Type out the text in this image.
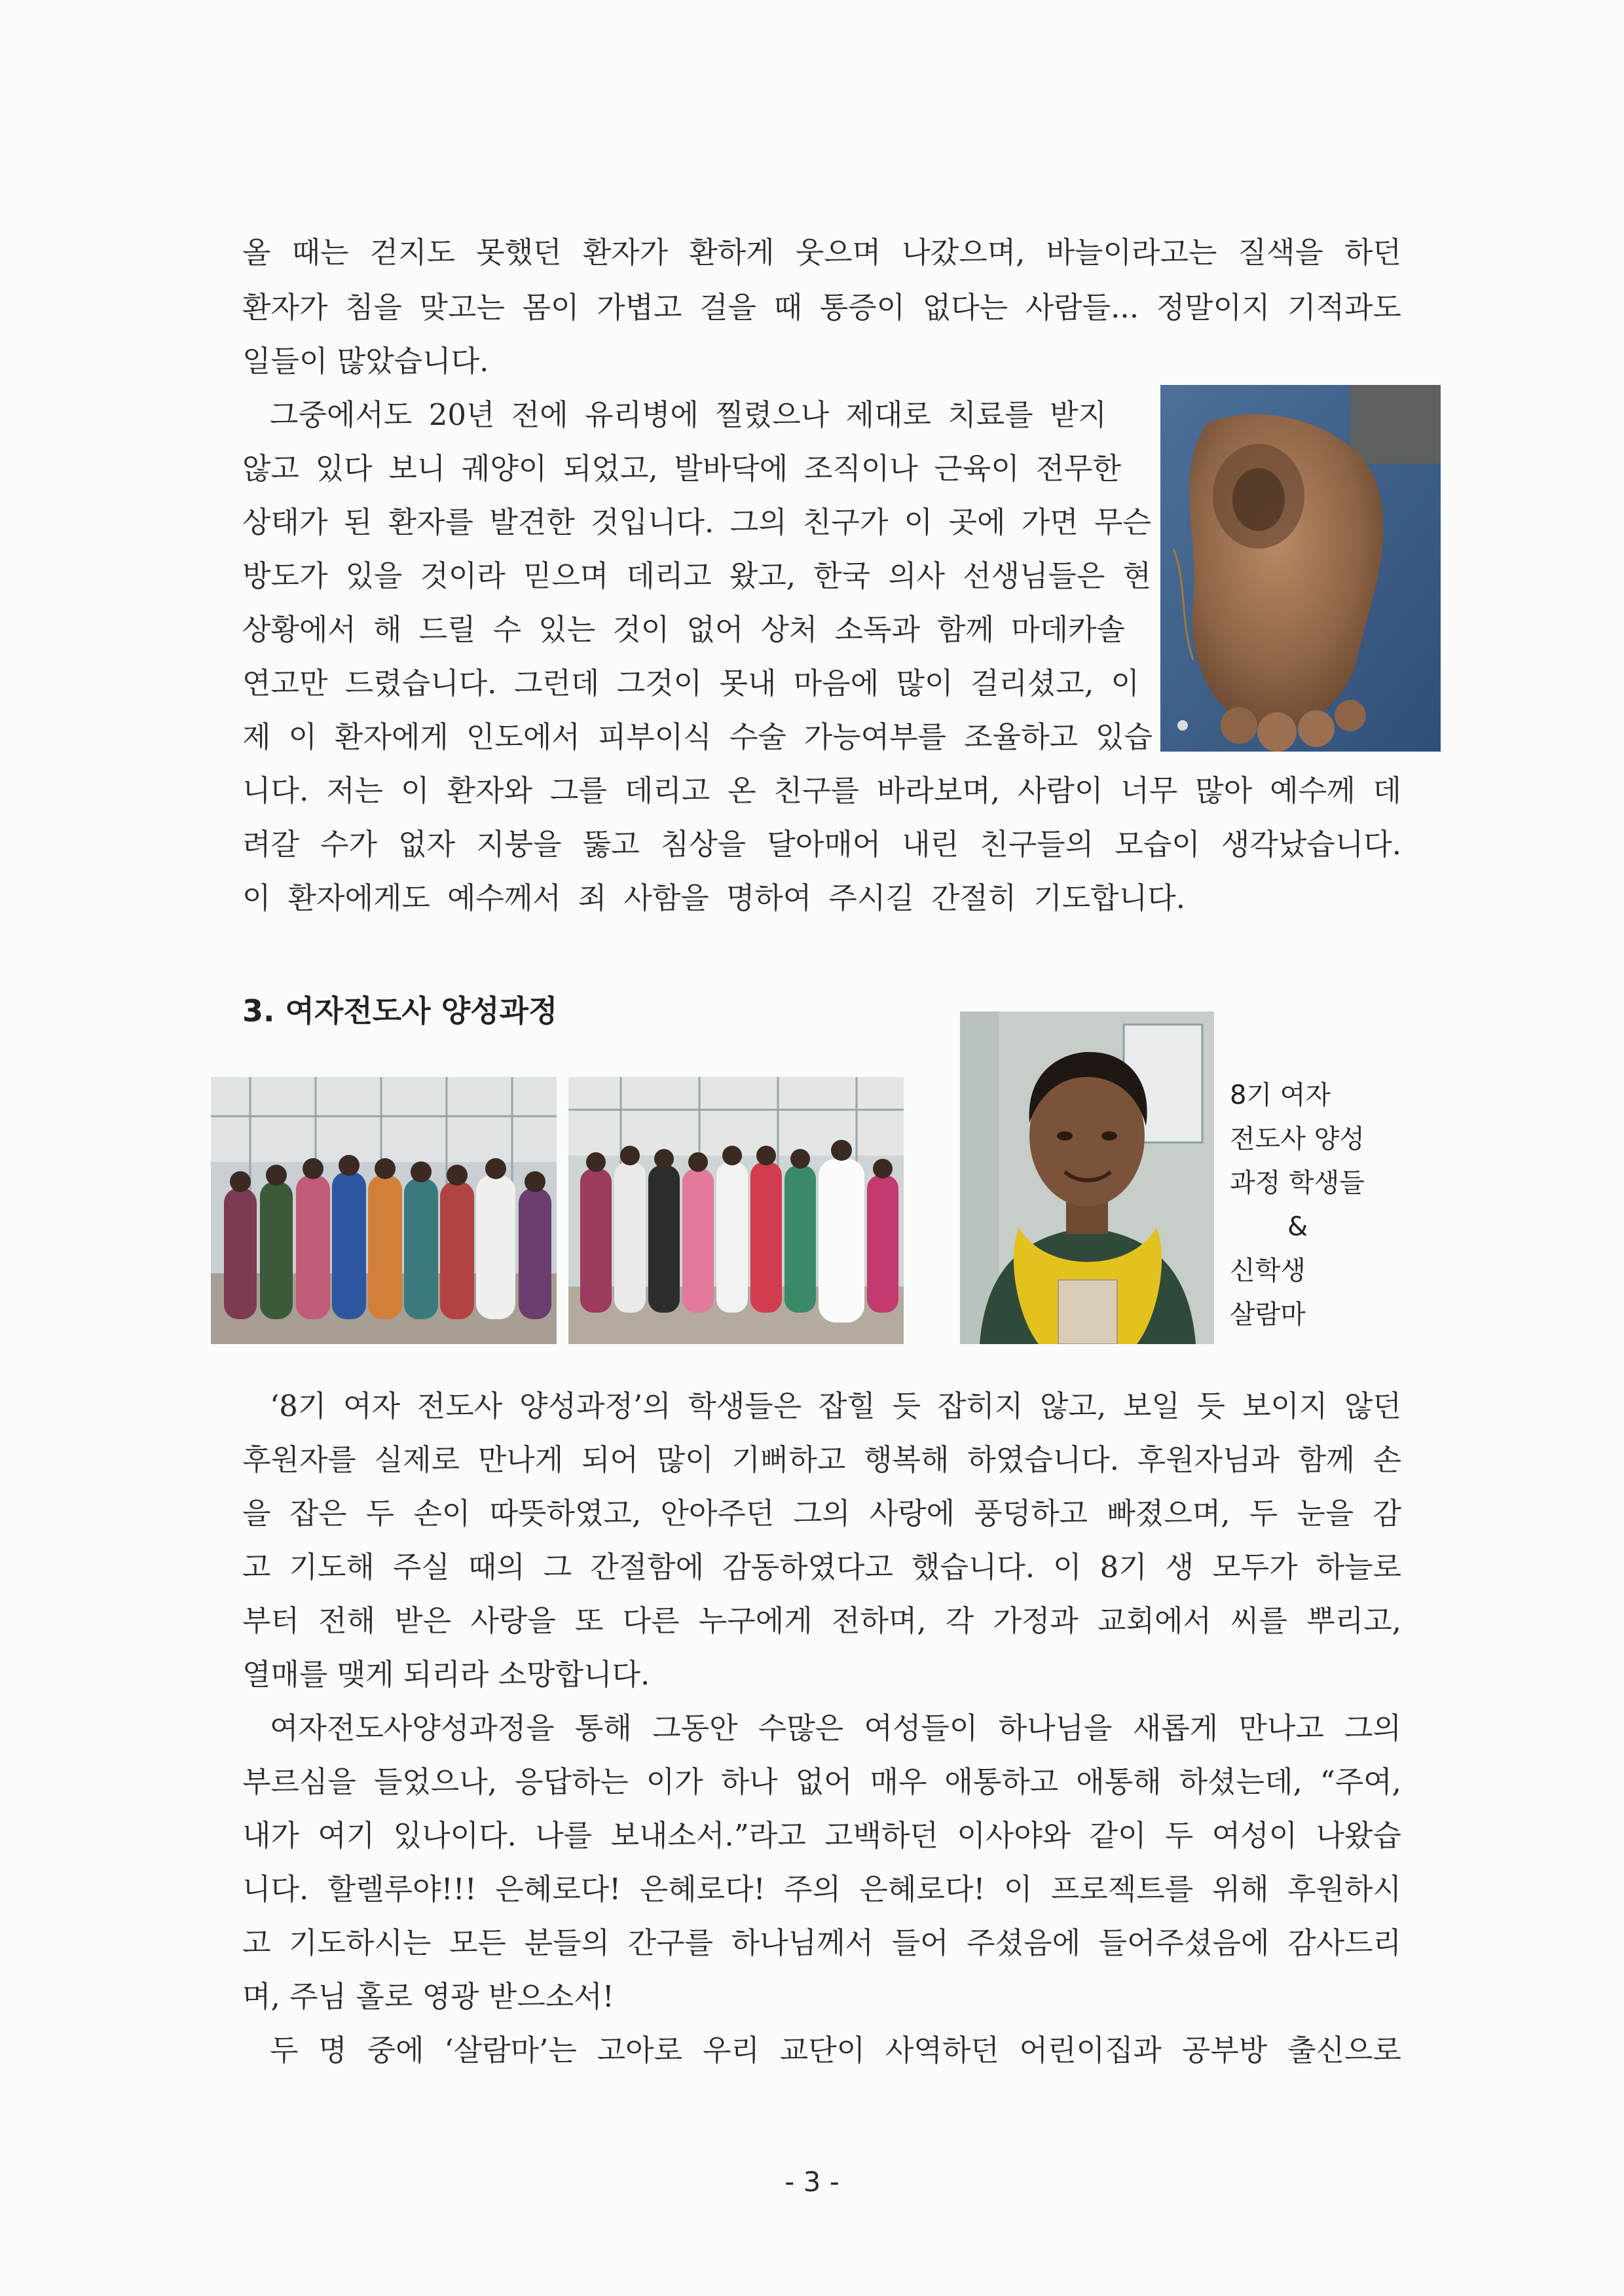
올 때는 걷지도 못했던 환자가 환하게 웃으며 나갔으며, 바늘이라고는 질색을 하던
환자가 침을 맞고는 몸이 가볍고 걸을 때 통증이 없다는 사람들... 정말이지 기적과도
일들이 많았습니다.
그중에서도 20년 전에 유리병에 찔렸으나 제대로 치료를 받지
않고 있다 보니 궤양이 되었고, 발바닥에 조직이나 근육이 전무한
상태가 된 환자를 발견한 것입니다. 그의 친구가 이 곳에 가면 무슨
방도가 있을 것이라 믿으며 데리고 왔고, 한국 의사 선생님들은 현
상황에서 해 드릴 수 있는 것이 없어 상처 소독과 함께 마데카솔
연고만 드렸습니다. 그런데 그것이 못내 마음에 많이 걸리셨고, 이
제 이 환자에게 인도에서 피부이식 수술 가능여부를 조율하고 있습
니다. 저는 이 환자와 그를 데리고 온 친구를 바라보며, 사람이 너무 많아 예수께 데
려갈 수가 없자 지붕을 뚫고 침상을 달아매어 내린 친구들의 모습이 생각났습니다.
이 환자에게도 예수께서 죄 사함을 명하여 주시길 간절히 기도합니다.
3. 여자전도사 양성과정
8기 여자
전도사 양성
과정 학생들
&
신학생
살람마
‘8기 여자 전도사 양성과정’의 학생들은 잡힐 듯 잡히지 않고, 보일 듯 보이지 않던
후원자를 실제로 만나게 되어 많이 기뻐하고 행복해 하였습니다. 후원자님과 함께 손
을 잡은 두 손이 따뜻하였고, 안아주던 그의 사랑에 풍덩하고 빠졌으며, 두 눈을 감
고 기도해 주실 때의 그 간절함에 감동하였다고 했습니다. 이 8기 생 모두가 하늘로
부터 전해 받은 사랑을 또 다른 누구에게 전하며, 각 가정과 교회에서 씨를 뿌리고,
열매를 맺게 되리라 소망합니다.
여자전도사양성과정을 통해 그동안 수많은 여성들이 하나님을 새롭게 만나고 그의
부르심을 들었으나, 응답하는 이가 하나 없어 매우 애통하고 애통해 하셨는데, “주여,
내가 여기 있나이다. 나를 보내소서.”라고 고백하던 이사야와 같이 두 여성이 나왔습
니다. 할렐루야!!! 은혜로다! 은혜로다! 주의 은혜로다! 이 프로젝트를 위해 후원하시
고 기도하시는 모든 분들의 간구를 하나님께서 들어 주셨음에 들어주셨음에 감사드리
며, 주님 홀로 영광 받으소서!
두 명 중에 ‘살람마’는 고아로 우리 교단이 사역하던 어린이집과 공부방 출신으로
- 3 -
